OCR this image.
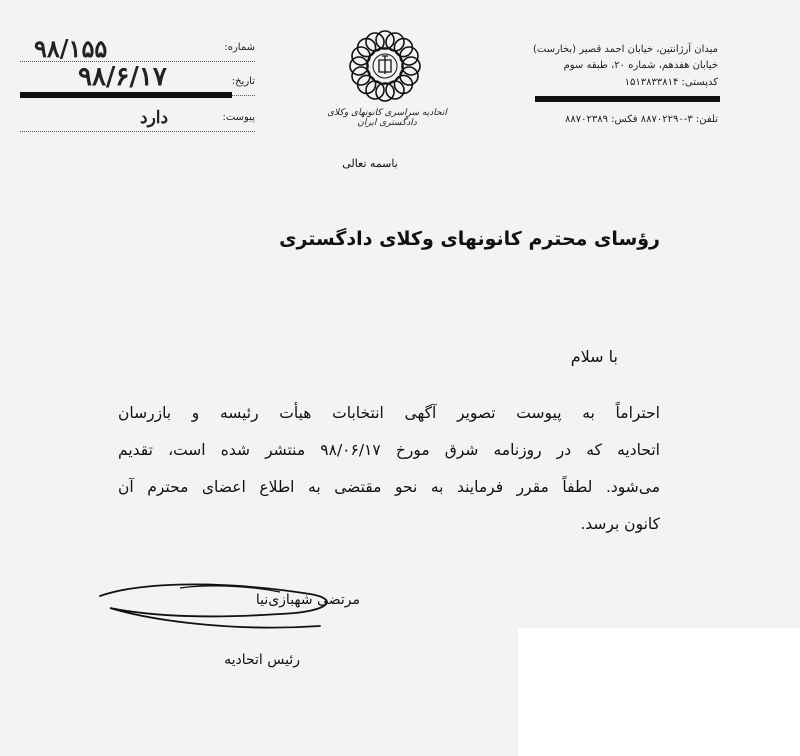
۹۸/۱۵۵	شماره:
۹۸/۶/۱۷	تاریخ:
دارد	پیوست:	اتحادیه سراسری کانونهای وکلای دادگستری ایران
میدان آرژانتین، خیابان احمد قصیر (بخارست)
خیابان هفدهم، شماره ۲۰، طبقه سوم
کدپستی: ۱۵۱۳۸۳۳۸۱۴
تلفن: ۳-۸۸۷۰۲۲۹۰ فکس: ۸۸۷۰۲۳۸۹
باسمه تعالی
رؤسای محترم کانونهای وکلای دادگستری
با سلام
احتراماً به پیوست تصویر آگهی انتخابات هیأت رئیسه و بازرسان
اتحادیه که در روزنامه شرق مورخ ۹۸/۰۶/۱۷ منتشر شده است، تقدیم
می‌شود. لطفاً مقرر فرمایند به نحو مقتضی به اطلاع اعضای محترم آن
کانون برسد.
مرتضی شهبازی‌نیا
رئیس اتحادیه
